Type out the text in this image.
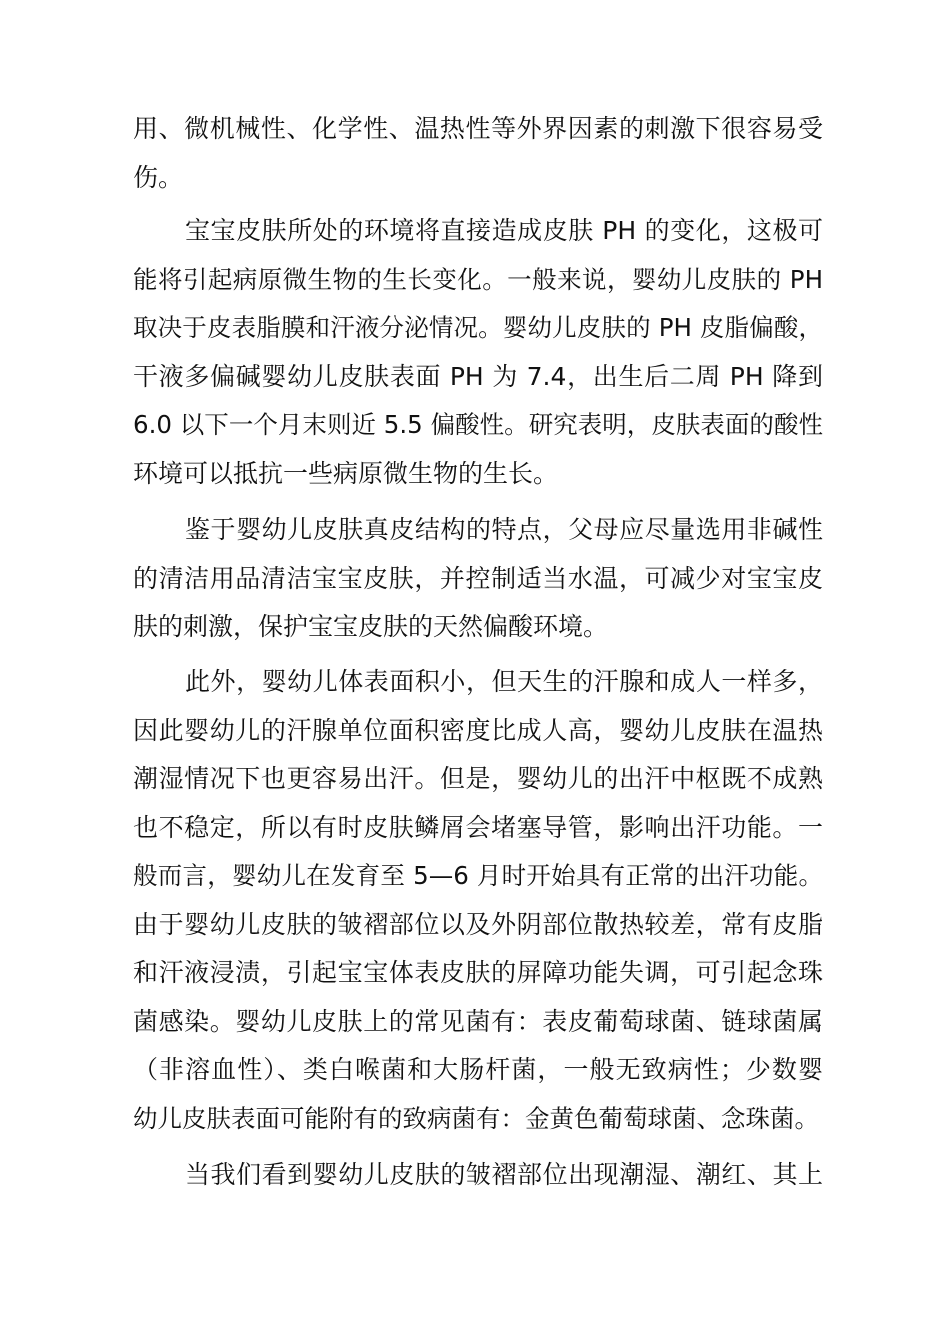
用、微机械性、化学性、温热性等外界因素的刺激下很容易受
伤。
宝宝皮肤所处的环境将直接造成皮肤 PH 的变化，这极可
能将引起病原微生物的生长变化。一般来说，婴幼儿皮肤的 PH
取决于皮表脂膜和汗液分泌情况。婴幼儿皮肤的 PH 皮脂偏酸，
干液多偏碱婴幼儿皮肤表面 PH 为 7.4，出生后二周 PH 降到
6.0 以下一个月末则近 5.5 偏酸性。研究表明，皮肤表面的酸性
环境可以抵抗一些病原微生物的生长。
鉴于婴幼儿皮肤真皮结构的特点，父母应尽量选用非碱性
的清洁用品清洁宝宝皮肤，并控制适当水温，可减少对宝宝皮
肤的刺激，保护宝宝皮肤的天然偏酸环境。
此外，婴幼儿体表面积小，但天生的汗腺和成人一样多，
因此婴幼儿的汗腺单位面积密度比成人高，婴幼儿皮肤在温热
潮湿情况下也更容易出汗。但是，婴幼儿的出汗中枢既不成熟
也不稳定，所以有时皮肤鳞屑会堵塞导管，影响出汗功能。一
般而言，婴幼儿在发育至 5—6 月时开始具有正常的出汗功能。
由于婴幼儿皮肤的皱褶部位以及外阴部位散热较差，常有皮脂
和汗液浸渍，引起宝宝体表皮肤的屏障功能失调，可引起念珠
菌感染。婴幼儿皮肤上的常见菌有：表皮葡萄球菌、链球菌属
（非溶血性）、类白喉菌和大肠杆菌，一般无致病性；少数婴
幼儿皮肤表面可能附有的致病菌有：金黄色葡萄球菌、念珠菌。
当我们看到婴幼儿皮肤的皱褶部位出现潮湿、潮红、其上
